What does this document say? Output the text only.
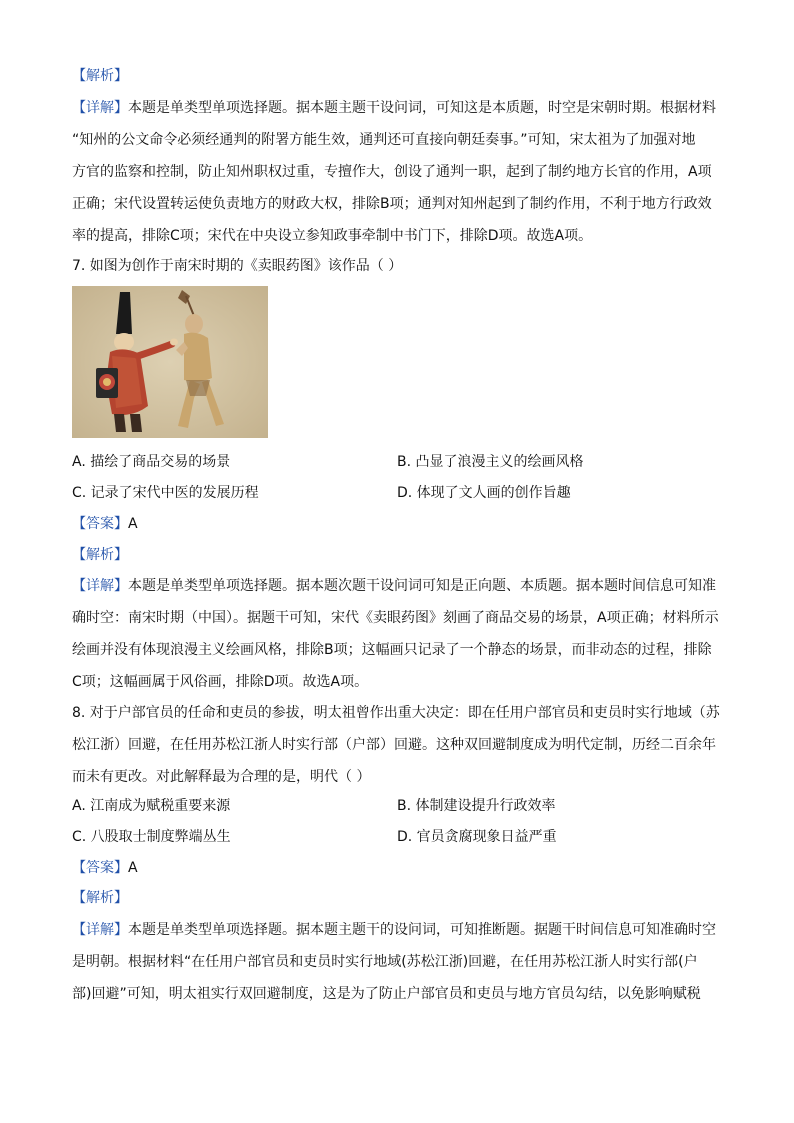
【解析】
【详解】本题是单类型单项选择题。据本题主题干设问词，可知这是本质题，时空是宋朝时期。根据材料
“知州的公文命令必须经通判的附署方能生效，通判还可直接向朝廷奏事。”可知，宋太祖为了加强对地
方官的监察和控制，防止知州职权过重，专擅作大，创设了通判一职，起到了制约地方长官的作用，A项
正确；宋代设置转运使负责地方的财政大权，排除B项；通判对知州起到了制约作用，不利于地方行政效
率的提高，排除C项；宋代在中央设立参知政事牵制中书门下，排除D项。故选A项。
7. 如图为创作于南宋时期的《卖眼药图》该作品（ ）
A. 描绘了商品交易的场景	B. 凸显了浪漫主义的绘画风格
C. 记录了宋代中医的发展历程	D. 体现了文人画的创作旨趣
【答案】A
【解析】
【详解】本题是单类型单项选择题。据本题次题干设问词可知是正向题、本质题。据本题时间信息可知准
确时空：南宋时期（中国）。据题干可知，宋代《卖眼药图》刻画了商品交易的场景，A项正确；材料所示
绘画并没有体现浪漫主义绘画风格，排除B项；这幅画只记录了一个静态的场景，而非动态的过程，排除
C项；这幅画属于风俗画，排除D项。故选A项。
8. 对于户部官员的任命和吏员的参拔，明太祖曾作出重大决定：即在任用户部官员和吏员时实行地域（苏
松江浙）回避，在任用苏松江浙人时实行部（户部）回避。这种双回避制度成为明代定制，历经二百余年
而未有更改。对此解释最为合理的是，明代（ ）
A. 江南成为赋税重要来源	B. 体制建设提升行政效率
C. 八股取士制度弊端丛生	D. 官员贪腐现象日益严重
【答案】A
【解析】
【详解】本题是单类型单项选择题。据本题主题干的设问词，可知推断题。据题干时间信息可知准确时空
是明朝。根据材料“在任用户部官员和吏员时实行地域(苏松江浙)回避，在任用苏松江浙人时实行部(户
部)回避”可知，明太祖实行双回避制度，这是为了防止户部官员和吏员与地方官员勾结，以免影响赋税
